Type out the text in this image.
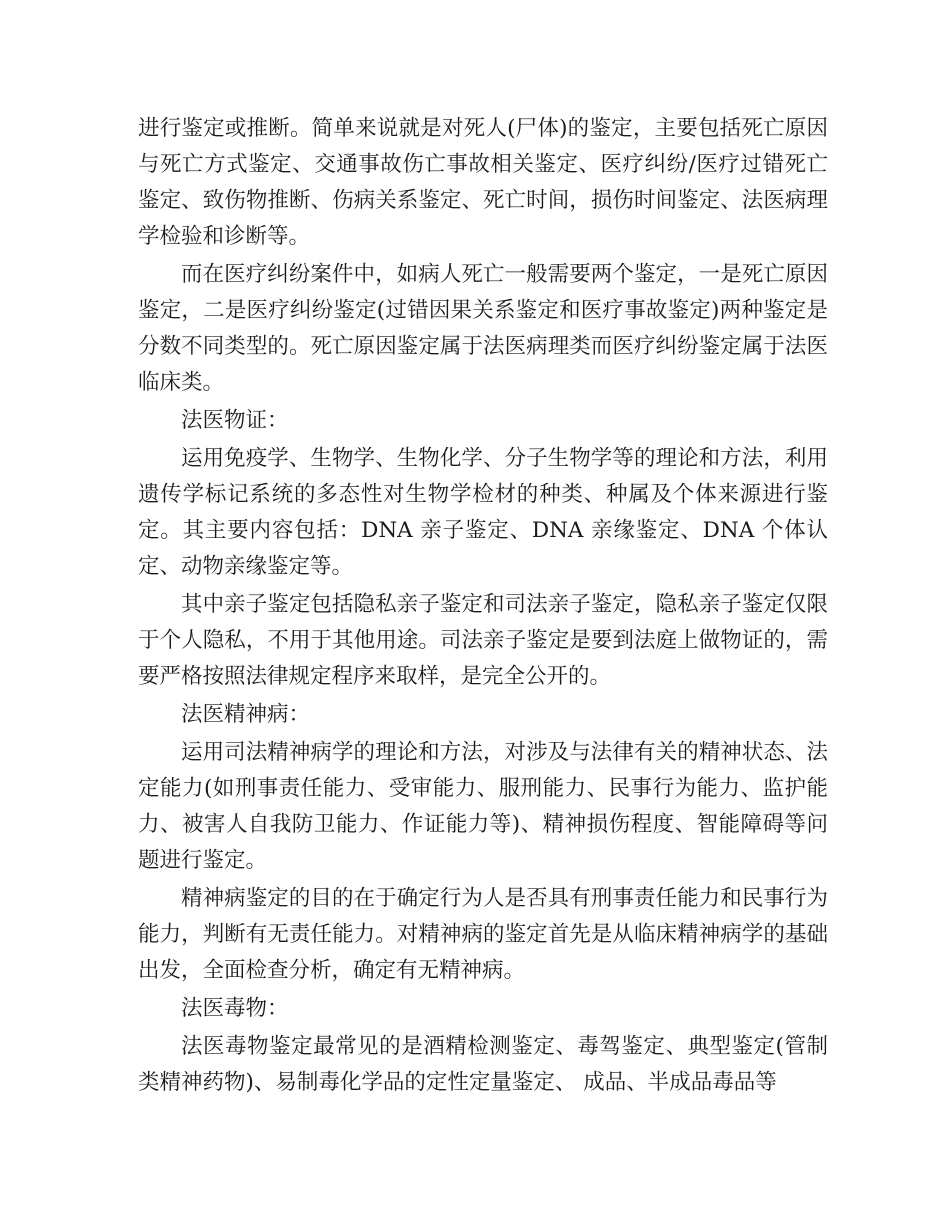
进行鉴定或推断。简单来说就是对死人(尸体)的鉴定，主要包括死亡原因与死亡方式鉴定、交通事故伤亡事故相关鉴定、医疗纠纷/医疗过错死亡鉴定、致伤物推断、伤病关系鉴定、死亡时间，损伤时间鉴定、法医病理学检验和诊断等。

而在医疗纠纷案件中，如病人死亡一般需要两个鉴定，一是死亡原因鉴定，二是医疗纠纷鉴定(过错因果关系鉴定和医疗事故鉴定)两种鉴定是分数不同类型的。死亡原因鉴定属于法医病理类而医疗纠纷鉴定属于法医临床类。

法医物证：

运用免疫学、生物学、生物化学、分子生物学等的理论和方法，利用遗传学标记系统的多态性对生物学检材的种类、种属及个体来源进行鉴定。其主要内容包括：DNA 亲子鉴定、DNA 亲缘鉴定、DNA 个体认定、动物亲缘鉴定等。

其中亲子鉴定包括隐私亲子鉴定和司法亲子鉴定，隐私亲子鉴定仅限于个人隐私，不用于其他用途。司法亲子鉴定是要到法庭上做物证的，需要严格按照法律规定程序来取样，是完全公开的。

法医精神病：

运用司法精神病学的理论和方法，对涉及与法律有关的精神状态、法定能力(如刑事责任能力、受审能力、服刑能力、民事行为能力、监护能力、被害人自我防卫能力、作证能力等)、精神损伤程度、智能障碍等问题进行鉴定。

精神病鉴定的目的在于确定行为人是否具有刑事责任能力和民事行为能力，判断有无责任能力。对精神病的鉴定首先是从临床精神病学的基础出发，全面检查分析，确定有无精神病。

法医毒物：

法医毒物鉴定最常见的是酒精检测鉴定、毒驾鉴定、典型鉴定(管制类精神药物)、易制毒化学品的定性定量鉴定、 成品、半成品毒品等
